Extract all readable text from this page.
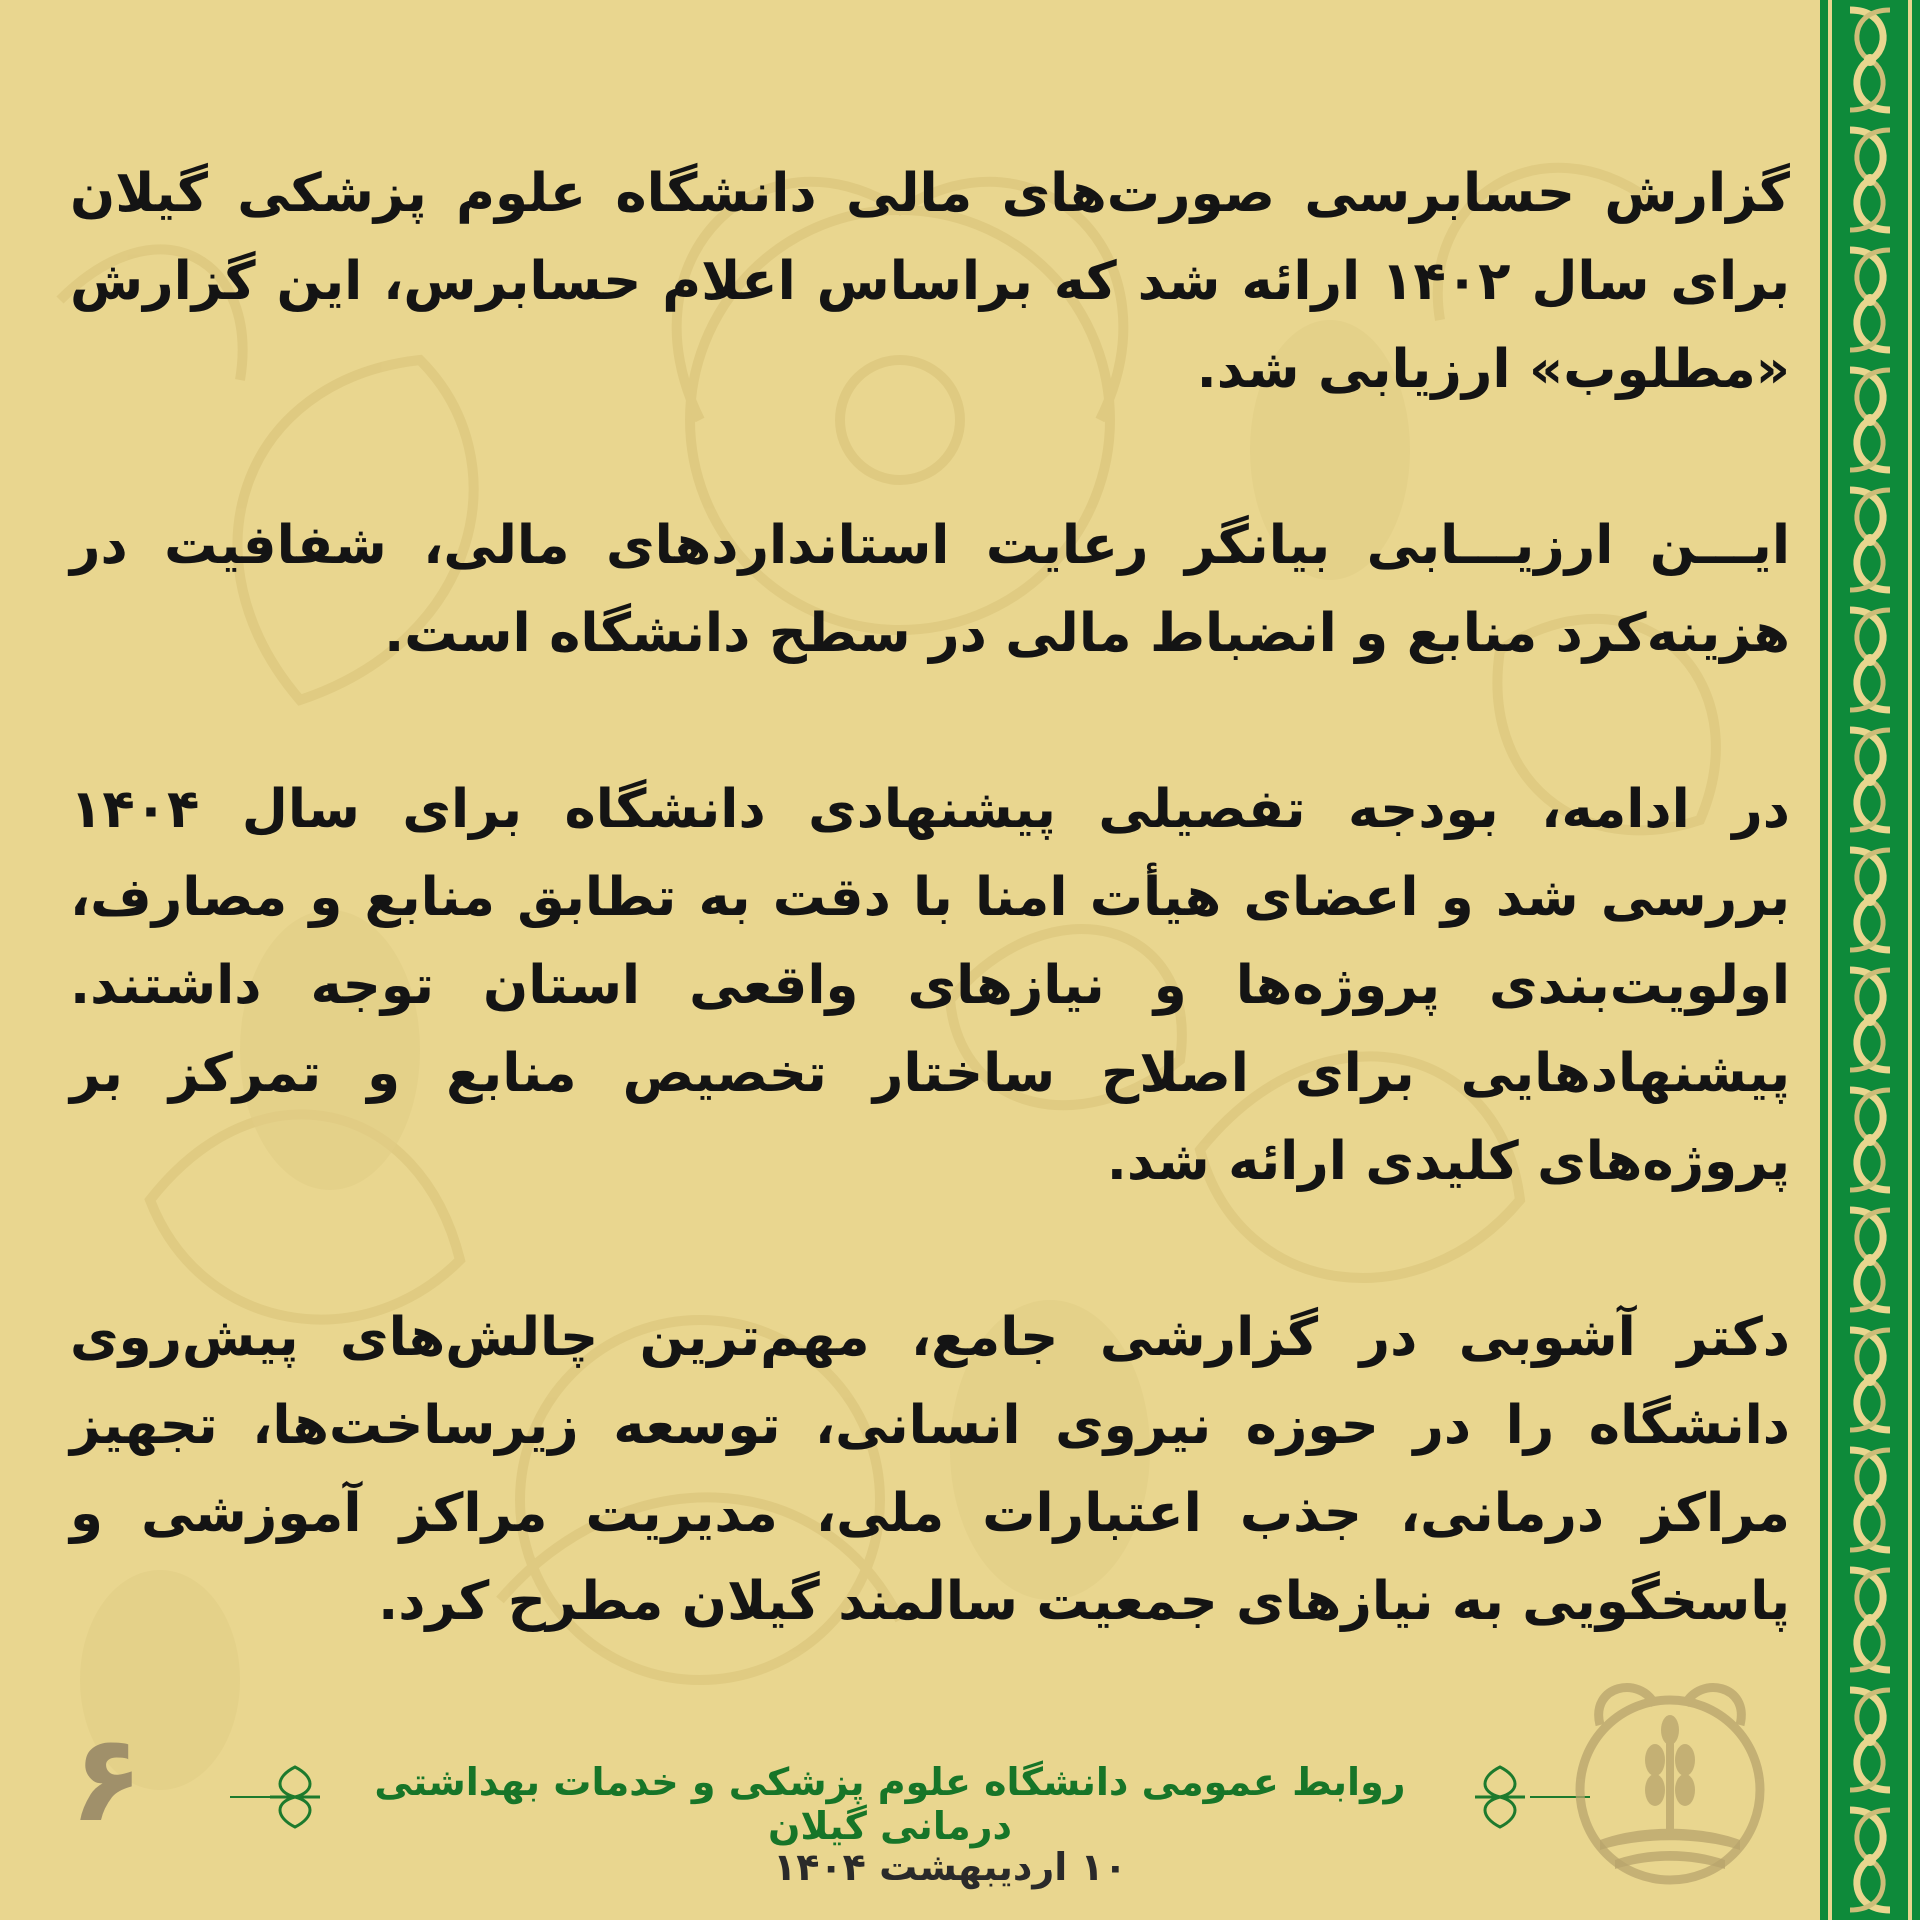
گزارش حسابرسی صورت‌های مالی دانشگاه علوم پزشکی گیلان برای سال ۱۴۰۲ ارائه شد که براساس اعلام حسابرس، این گزارش «مطلوب» ارزیابی شد.

ایـــن ارزیـــابی بیانگر رعایت استانداردهای مالی، شفافیت در هزینه‌کرد منابع و انضباط مالی در سطح دانشگاه است.

در ادامه، بودجه تفصیلی پیشنهادی دانشگاه برای سال ۱۴۰۴ بررسی شد و اعضای هیأت امنا با دقت به تطابق منابع و مصارف، اولویت‌بندی پروژه‌ها و نیازهای واقعی استان توجه داشتند. پیشنهادهایی برای اصلاح ساختار تخصیص منابع و تمرکز بر پروژه‌های کلیدی ارائه شد.

دکتر آشوبی در گزارشی جامع، مهم‌ترین چالش‌های پیش‌روی دانشگاه را در حوزه نیروی انسانی، توسعه زیرساخت‌ها، تجهیز مراکز درمانی، جذب اعتبارات ملی، مدیریت مراکز آموزشی و پاسخگویی به نیازهای جمعیت سالمند گیلان مطرح کرد.

۶	روابط عمومی دانشگاه علوم پزشکی و خدمات بهداشتی درمانی گیلان
۱۰ اردیبهشت ۱۴۰۴
